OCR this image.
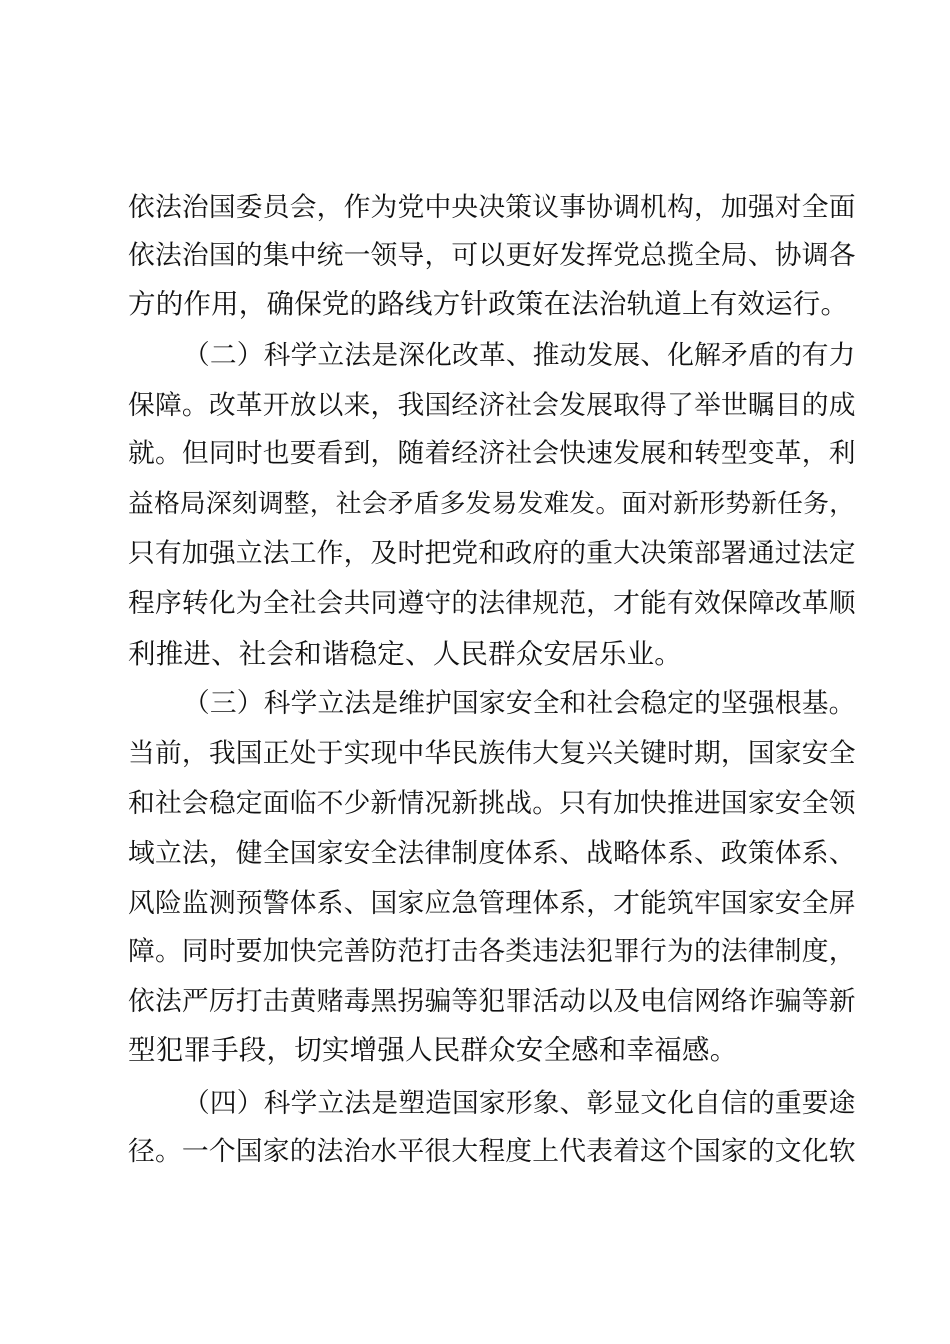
依法治国委员会，作为党中央决策议事协调机构，加强对全面
依法治国的集中统一领导，可以更好发挥党总揽全局、协调各
方的作用，确保党的路线方针政策在法治轨道上有效运行。
（二）科学立法是深化改革、推动发展、化解矛盾的有力
保障。改革开放以来，我国经济社会发展取得了举世瞩目的成
就。但同时也要看到，随着经济社会快速发展和转型变革，利
益格局深刻调整，社会矛盾多发易发难发。面对新形势新任务，
只有加强立法工作，及时把党和政府的重大决策部署通过法定
程序转化为全社会共同遵守的法律规范，才能有效保障改革顺
利推进、社会和谐稳定、人民群众安居乐业。
（三）科学立法是维护国家安全和社会稳定的坚强根基。
当前，我国正处于实现中华民族伟大复兴关键时期，国家安全
和社会稳定面临不少新情况新挑战。只有加快推进国家安全领
域立法，健全国家安全法律制度体系、战略体系、政策体系、
风险监测预警体系、国家应急管理体系，才能筑牢国家安全屏
障。同时要加快完善防范打击各类违法犯罪行为的法律制度，
依法严厉打击黄赌毒黑拐骗等犯罪活动以及电信网络诈骗等新
型犯罪手段，切实增强人民群众安全感和幸福感。
（四）科学立法是塑造国家形象、彰显文化自信的重要途
径。一个国家的法治水平很大程度上代表着这个国家的文化软
